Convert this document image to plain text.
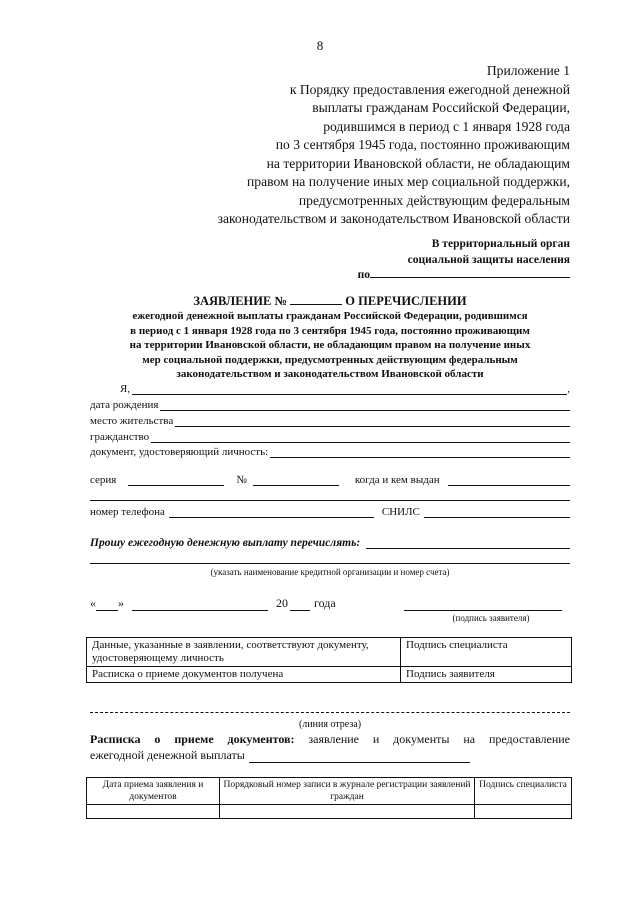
8
Приложение 1
к Порядку предоставления ежегодной денежной
выплаты гражданам Российской Федерации,
родившимся в период с 1 января 1928 года
по 3 сентября 1945 года, постоянно проживающим
на территории Ивановской области, не обладающим
правом на получение иных мер социальной поддержки,
предусмотренных действующим федеральным
законодательством и законодательством Ивановской области
В территориальный орган
социальной защиты населения
по
ЗАЯВЛЕНИЕ №	О ПЕРЕЧИСЛЕНИИ
ежегодной денежной выплаты гражданам Российской Федерации, родившимся
в период с 1 января 1928 года по 3 сентября 1945 года, постоянно проживающим
на территории Ивановской области, не обладающим правом на получение иных
мер социальной поддержки, предусмотренных действующим федеральным
законодательством и законодательством Ивановской области
Я,	,
дата рождения
место жительства
гражданство
документ, удостоверяющий личность:
серия	№	когда и кем выдан
номер телефона	СНИЛС
Прошу ежегодную денежную выплату перечислять:
(указать наименование кредитной организации и номер счета)
« »	20 года
(подпись заявителя)
Данные, указанные в заявлении, соответствуют документу, удостоверяющему личность	Подпись специалиста
Расписка о приеме документов получена	Подпись заявителя
(линия отреза)
Расписка о приеме документов: заявление и документы на предоставление
ежегодной денежной выплаты
Дата приема заявления и документов	Порядковый номер записи в журнале регистрации заявлений граждан	Подпись специалиста
